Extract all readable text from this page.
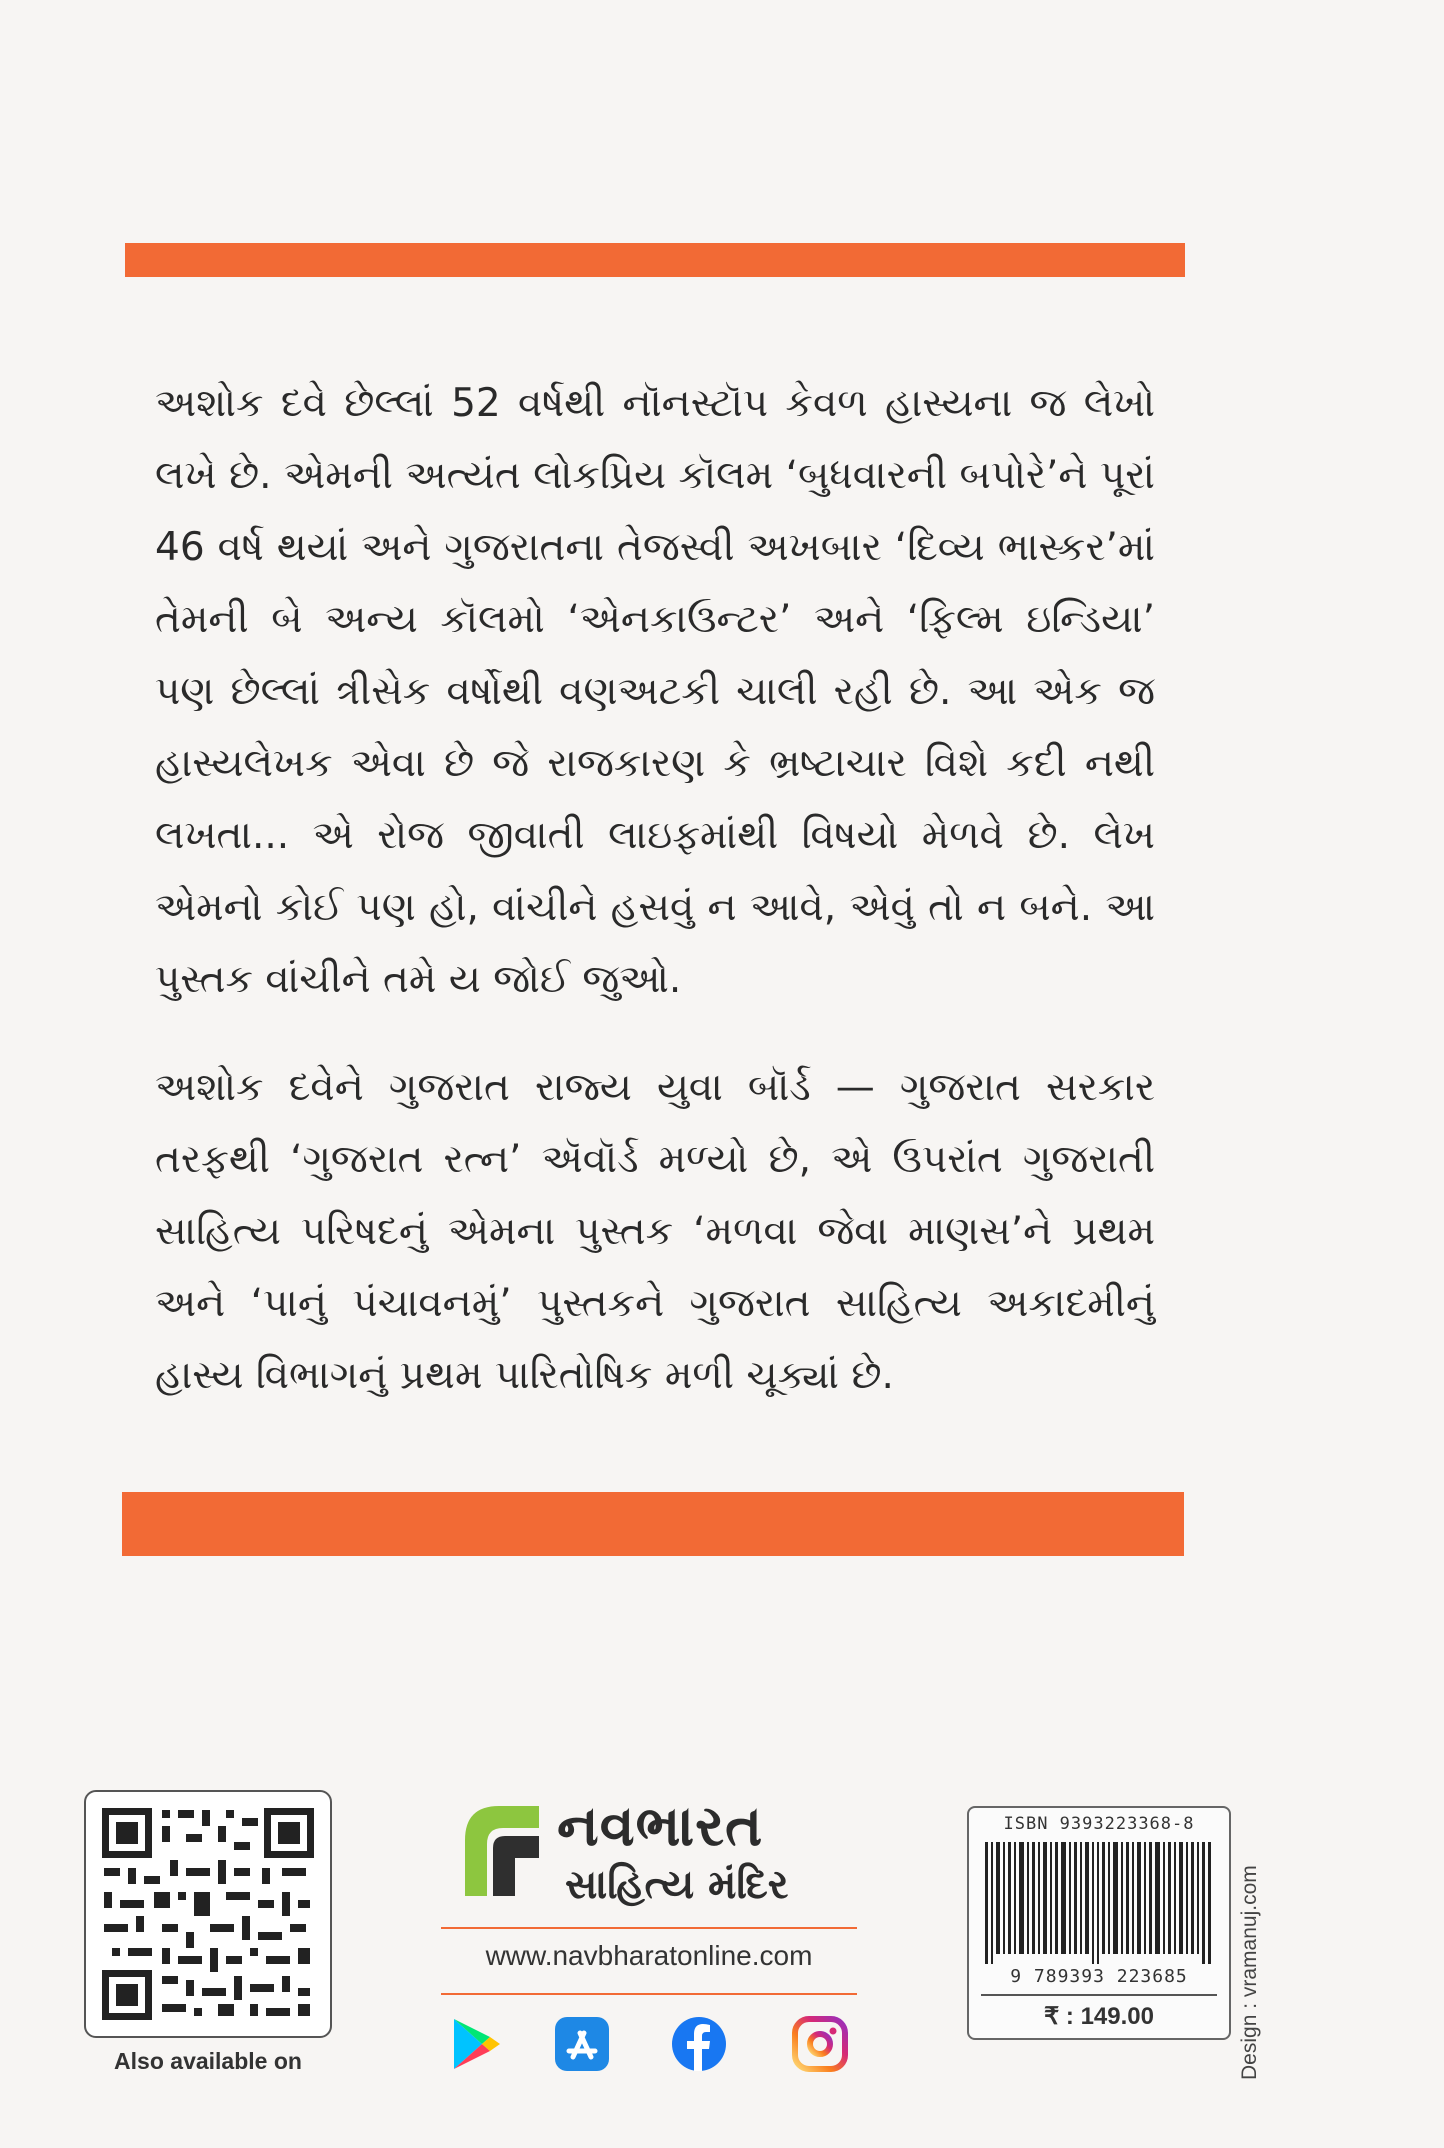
અશોક દવે છેલ્લાં 52 વર્ષથી નૉનસ્ટૉપ કેવળ હાસ્યના જ લેખો લખે છે. એમની અત્યંત લોકપ્રિય કૉલમ ‘બુધવારની બપોરે’ને પૂરાં 46 વર્ષ થયાં અને ગુજરાતના તેજસ્વી અખબાર ‘દિવ્ય ભાસ્કર’માં તેમની બે અન્ય કૉલમો ‘એનકાઉન્ટર’ અને ‘ફિલ્મ ઇન્ડિયા’ પણ છેલ્લાં ત્રીસેક વર્ષોથી વણઅટકી ચાલી રહી છે. આ એક જ હાસ્યલેખક એવા છે જે રાજકારણ કે ભ્રષ્ટાચાર વિશે કદી નથી લખતા... એ રોજ જીવાતી લાઇફમાંથી વિષયો મેળવે છે. લેખ એમનો કોઈ પણ હો, વાંચીને હસવું ન આવે, એવું તો ન બને. આ પુસ્તક વાંચીને તમે ય જોઈ જુઓ.

અશોક દવેને ગુજરાત રાજ્ય યુવા બૉર્ડ — ગુજરાત સરકાર તરફથી ‘ગુજરાત રત્ન’ ઍવૉર્ડ મળ્યો છે, એ ઉપરાંત ગુજરાતી સાહિત્ય પરિષદનું એમના પુસ્તક ‘મળવા જેવા માણસ’ને પ્રથમ અને ‘પાનું પંચાવનમું’ પુસ્તકને ગુજરાત સાહિત્ય અકાદમીનું હાસ્ય વિભાગનું પ્રથમ પારિતોષિક મળી ચૂક્યાં છે.

Also available on
નવભારત
સાહિત્ય મંદિર
www.navbharatonline.com
ISBN 9393223368-8
9 789393 223685
₹ : 149.00	Design : vramanuj.com
